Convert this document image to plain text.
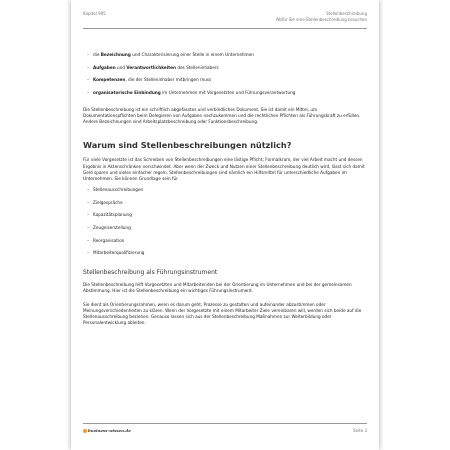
Kapitel 995	Stellenbeschreibung
Wofür Sie eine Stellenbeschreibung brauchen
– die Bezeichnung und Charakterisierung einer Stelle in einem Unternehmen
– Aufgaben und Verantwortlichkeiten des Stelleninhabers
– Kompetenzen, die der Stelleninhaber mitbringen muss
– organisatorische Einbindung im Unternehmen mit Vorgesetzten und Führungsverantwortung

Die Stellenbeschreibung ist ein schriftlich abgefasstes und verbindliches Dokument. Sie ist damit ein Mittel, um Dokumentationspflichten beim Delegieren von Aufgaben nachzukommen und die rechtlichen Pflichten als Führungskraft zu erfüllen. Andere Bezeichnungen sind Arbeitsplatzbeschreibung oder Funktionsbeschreibung.

Warum sind Stellenbeschreibungen nützlich?

Für viele Vorgesetzte ist das Schreiben von Stellenbeschreibungen eine lästige Pflicht; Formalkram, der viel Arbeit macht und dessen Ergebnis in Aktenschränken verschwindet. Aber wenn der Zweck und Nutzen einer Stellenbeschreibung deutlich wird, lässt sich damit Geld sparen und vieles einfacher regeln. Stellenbeschreibungen sind nämlich ein Hilfsmittel für unterschiedliche Aufgaben im Unternehmen. Sie können Grundlage sein für

– Stellenausschreibungen
– Zielgespräche
– Kapazitätsplanung
– Zeugniserstellung
– Reorganisation
– Mitarbeiterqualifizierung
Stellenbeschreibung als Führungsinstrument

Die Stellenbeschreibung hilft Vorgesetzten und Mitarbeitenden bei der Orientierung im Unternehmen und bei der gemeinsamen Abstimmung. Hier ist die Stellenbeschreibung ein wichtiges Führungsinstrument.

Sie dient als Orientierungsrahmen, wenn es darum geht, Prozesse zu gestalten und aufeinander abzustimmen oder Meinungsverschiedenheiten zu klären. Wenn der Vorgesetzte mit einem Mitarbeiter Ziele vereinbaren will, werden sich beide auf die Stellenausschreibung beziehen. Genauso lassen sich aus der Stellenbeschreibung Maßnahmen zur Weiterbildung oder Personalentwicklung ableiten.

business-wissen.de	Seite 3
